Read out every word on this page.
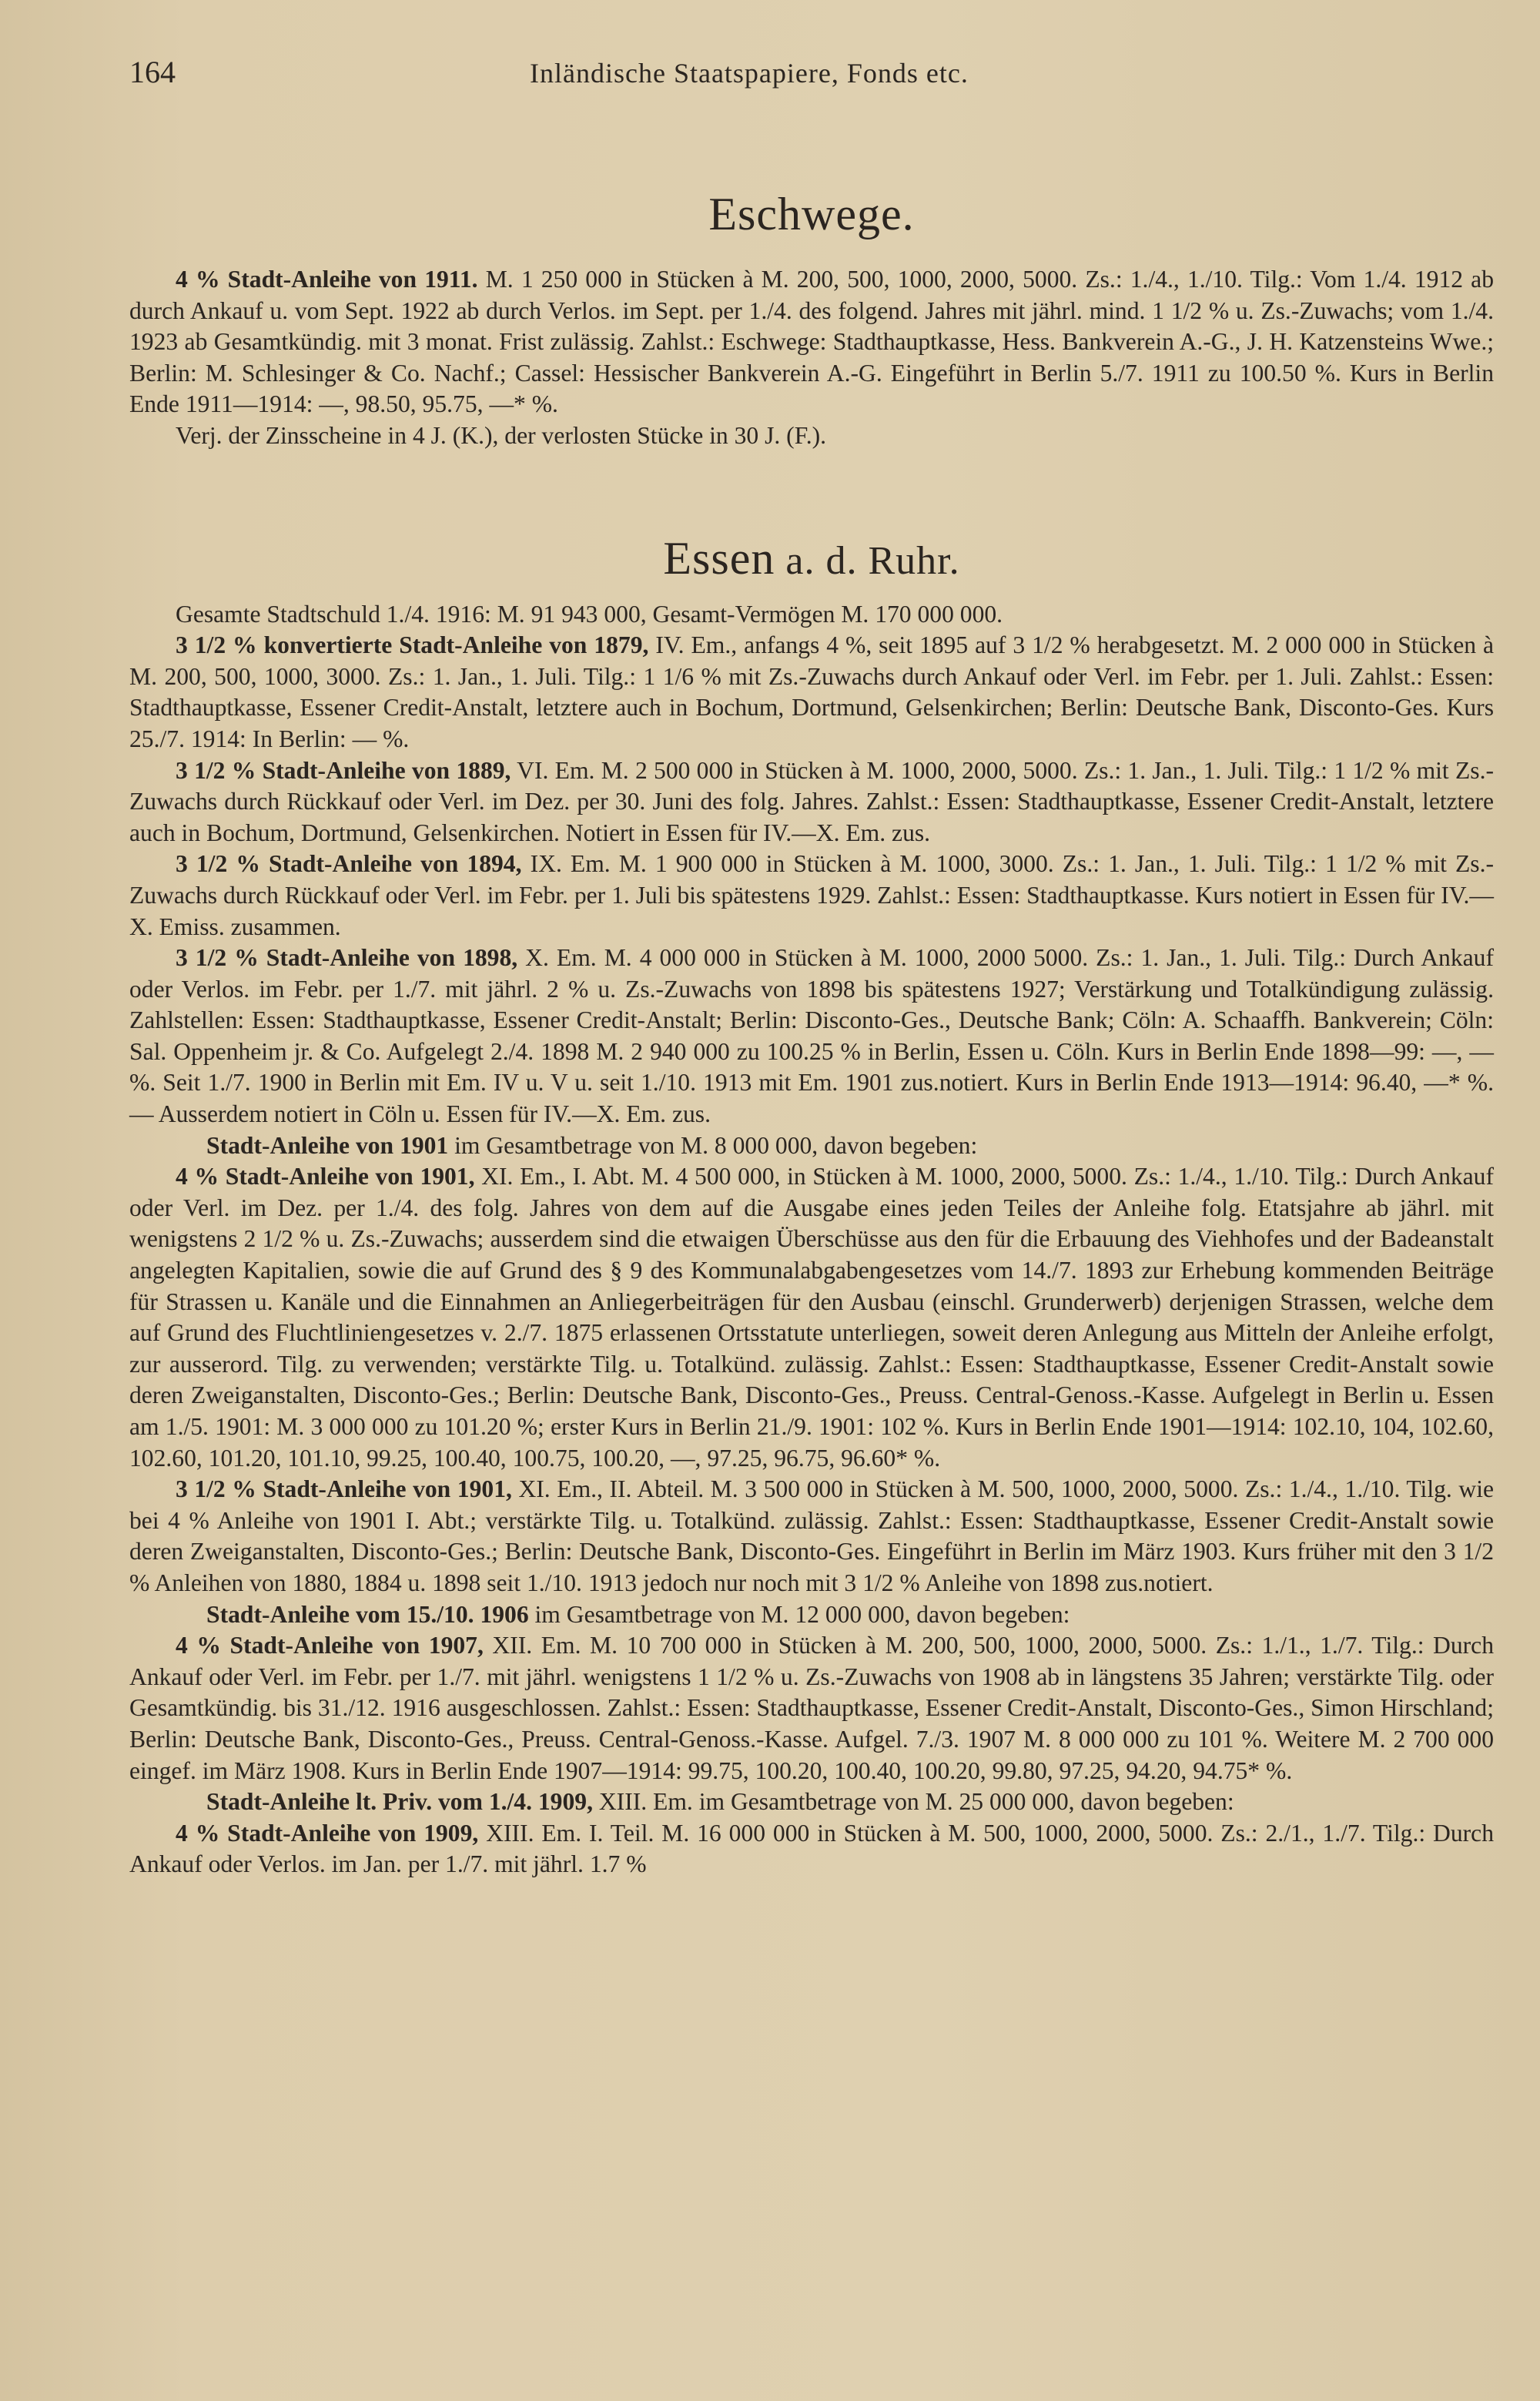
164	Inländische Staatspapiere, Fonds etc.
Eschwege.

4 % Stadt-Anleihe von 1911. M. 1 250 000 in Stücken à M. 200, 500, 1000, 2000, 5000. Zs.: 1./4., 1./10. Tilg.: Vom 1./4. 1912 ab durch Ankauf u. vom Sept. 1922 ab durch Verlos. im Sept. per 1./4. des folgend. Jahres mit jährl. mind. 1 1/2 % u. Zs.-Zuwachs; vom 1./4. 1923 ab Gesamtkündig. mit 3 monat. Frist zulässig. Zahlst.: Eschwege: Stadthauptkasse, Hess. Bankverein A.-G., J. H. Katzensteins Wwe.; Berlin: M. Schlesinger & Co. Nachf.; Cassel: Hessischer Bankverein A.-G. Eingeführt in Berlin 5./7. 1911 zu 100.50 %. Kurs in Berlin Ende 1911—1914: —, 98.50, 95.75, —* %.

Verj. der Zinsscheine in 4 J. (K.), der verlosten Stücke in 30 J. (F.).

Essen a. d. Ruhr.

Gesamte Stadtschuld 1./4. 1916: M. 91 943 000, Gesamt-Vermögen M. 170 000 000.

3 1/2 % konvertierte Stadt-Anleihe von 1879, IV. Em., anfangs 4 %, seit 1895 auf 3 1/2 % herabgesetzt. M. 2 000 000 in Stücken à M. 200, 500, 1000, 3000. Zs.: 1. Jan., 1. Juli. Tilg.: 1 1/6 % mit Zs.-Zuwachs durch Ankauf oder Verl. im Febr. per 1. Juli. Zahlst.: Essen: Stadthauptkasse, Essener Credit-Anstalt, letztere auch in Bochum, Dortmund, Gelsenkirchen; Berlin: Deutsche Bank, Disconto-Ges. Kurs 25./7. 1914: In Berlin: — %.

3 1/2 % Stadt-Anleihe von 1889, VI. Em. M. 2 500 000 in Stücken à M. 1000, 2000, 5000. Zs.: 1. Jan., 1. Juli. Tilg.: 1 1/2 % mit Zs.-Zuwachs durch Rückkauf oder Verl. im Dez. per 30. Juni des folg. Jahres. Zahlst.: Essen: Stadthauptkasse, Essener Credit-Anstalt, letztere auch in Bochum, Dortmund, Gelsenkirchen. Notiert in Essen für IV.—X. Em. zus.

3 1/2 % Stadt-Anleihe von 1894, IX. Em. M. 1 900 000 in Stücken à M. 1000, 3000. Zs.: 1. Jan., 1. Juli. Tilg.: 1 1/2 % mit Zs.-Zuwachs durch Rückkauf oder Verl. im Febr. per 1. Juli bis spätestens 1929. Zahlst.: Essen: Stadthauptkasse. Kurs notiert in Essen für IV.—X. Emiss. zusammen.

3 1/2 % Stadt-Anleihe von 1898, X. Em. M. 4 000 000 in Stücken à M. 1000, 2000 5000. Zs.: 1. Jan., 1. Juli. Tilg.: Durch Ankauf oder Verlos. im Febr. per 1./7. mit jährl. 2 % u. Zs.-Zuwachs von 1898 bis spätestens 1927; Verstärkung und Totalkündigung zulässig. Zahlstellen: Essen: Stadthauptkasse, Essener Credit-Anstalt; Berlin: Disconto-Ges., Deutsche Bank; Cöln: A. Schaaffh. Bankverein; Cöln: Sal. Oppenheim jr. & Co. Aufgelegt 2./4. 1898 M. 2 940 000 zu 100.25 % in Berlin, Essen u. Cöln. Kurs in Berlin Ende 1898—99: —, — %. Seit 1./7. 1900 in Berlin mit Em. IV u. V u. seit 1./10. 1913 mit Em. 1901 zus.notiert. Kurs in Berlin Ende 1913—1914: 96.40, —* %. — Ausserdem notiert in Cöln u. Essen für IV.—X. Em. zus.

Stadt-Anleihe von 1901 im Gesamtbetrage von M. 8 000 000, davon begeben:

4 % Stadt-Anleihe von 1901, XI. Em., I. Abt. M. 4 500 000, in Stücken à M. 1000, 2000, 5000. Zs.: 1./4., 1./10. Tilg.: Durch Ankauf oder Verl. im Dez. per 1./4. des folg. Jahres von dem auf die Ausgabe eines jeden Teiles der Anleihe folg. Etatsjahre ab jährl. mit wenigstens 2 1/2 % u. Zs.-Zuwachs; ausserdem sind die etwaigen Überschüsse aus den für die Erbauung des Viehhofes und der Badeanstalt angelegten Kapitalien, sowie die auf Grund des § 9 des Kommunalabgabengesetzes vom 14./7. 1893 zur Erhebung kommenden Beiträge für Strassen u. Kanäle und die Einnahmen an Anliegerbeiträgen für den Ausbau (einschl. Grunderwerb) derjenigen Strassen, welche dem auf Grund des Fluchtliniengesetzes v. 2./7. 1875 erlassenen Ortsstatute unterliegen, soweit deren Anlegung aus Mitteln der Anleihe erfolgt, zur ausserord. Tilg. zu verwenden; verstärkte Tilg. u. Totalkünd. zulässig. Zahlst.: Essen: Stadthauptkasse, Essener Credit-Anstalt sowie deren Zweiganstalten, Disconto-Ges.; Berlin: Deutsche Bank, Disconto-Ges., Preuss. Central-Genoss.-Kasse. Aufgelegt in Berlin u. Essen am 1./5. 1901: M. 3 000 000 zu 101.20 %; erster Kurs in Berlin 21./9. 1901: 102 %. Kurs in Berlin Ende 1901—1914: 102.10, 104, 102.60, 102.60, 101.20, 101.10, 99.25, 100.40, 100.75, 100.20, —, 97.25, 96.75, 96.60* %.

3 1/2 % Stadt-Anleihe von 1901, XI. Em., II. Abteil. M. 3 500 000 in Stücken à M. 500, 1000, 2000, 5000. Zs.: 1./4., 1./10. Tilg. wie bei 4 % Anleihe von 1901 I. Abt.; verstärkte Tilg. u. Totalkünd. zulässig. Zahlst.: Essen: Stadthauptkasse, Essener Credit-Anstalt sowie deren Zweiganstalten, Disconto-Ges.; Berlin: Deutsche Bank, Disconto-Ges. Eingeführt in Berlin im März 1903. Kurs früher mit den 3 1/2 % Anleihen von 1880, 1884 u. 1898 seit 1./10. 1913 jedoch nur noch mit 3 1/2 % Anleihe von 1898 zus.notiert.

Stadt-Anleihe vom 15./10. 1906 im Gesamtbetrage von M. 12 000 000, davon begeben:

4 % Stadt-Anleihe von 1907, XII. Em. M. 10 700 000 in Stücken à M. 200, 500, 1000, 2000, 5000. Zs.: 1./1., 1./7. Tilg.: Durch Ankauf oder Verl. im Febr. per 1./7. mit jährl. wenigstens 1 1/2 % u. Zs.-Zuwachs von 1908 ab in längstens 35 Jahren; verstärkte Tilg. oder Gesamtkündig. bis 31./12. 1916 ausgeschlossen. Zahlst.: Essen: Stadthauptkasse, Essener Credit-Anstalt, Disconto-Ges., Simon Hirschland; Berlin: Deutsche Bank, Disconto-Ges., Preuss. Central-Genoss.-Kasse. Aufgel. 7./3. 1907 M. 8 000 000 zu 101 %. Weitere M. 2 700 000 eingef. im März 1908. Kurs in Berlin Ende 1907—1914: 99.75, 100.20, 100.40, 100.20, 99.80, 97.25, 94.20, 94.75* %.

Stadt-Anleihe lt. Priv. vom 1./4. 1909, XIII. Em. im Gesamtbetrage von M. 25 000 000, davon begeben:

4 % Stadt-Anleihe von 1909, XIII. Em. I. Teil. M. 16 000 000 in Stücken à M. 500, 1000, 2000, 5000. Zs.: 2./1., 1./7. Tilg.: Durch Ankauf oder Verlos. im Jan. per 1./7. mit jährl. 1.7 %
